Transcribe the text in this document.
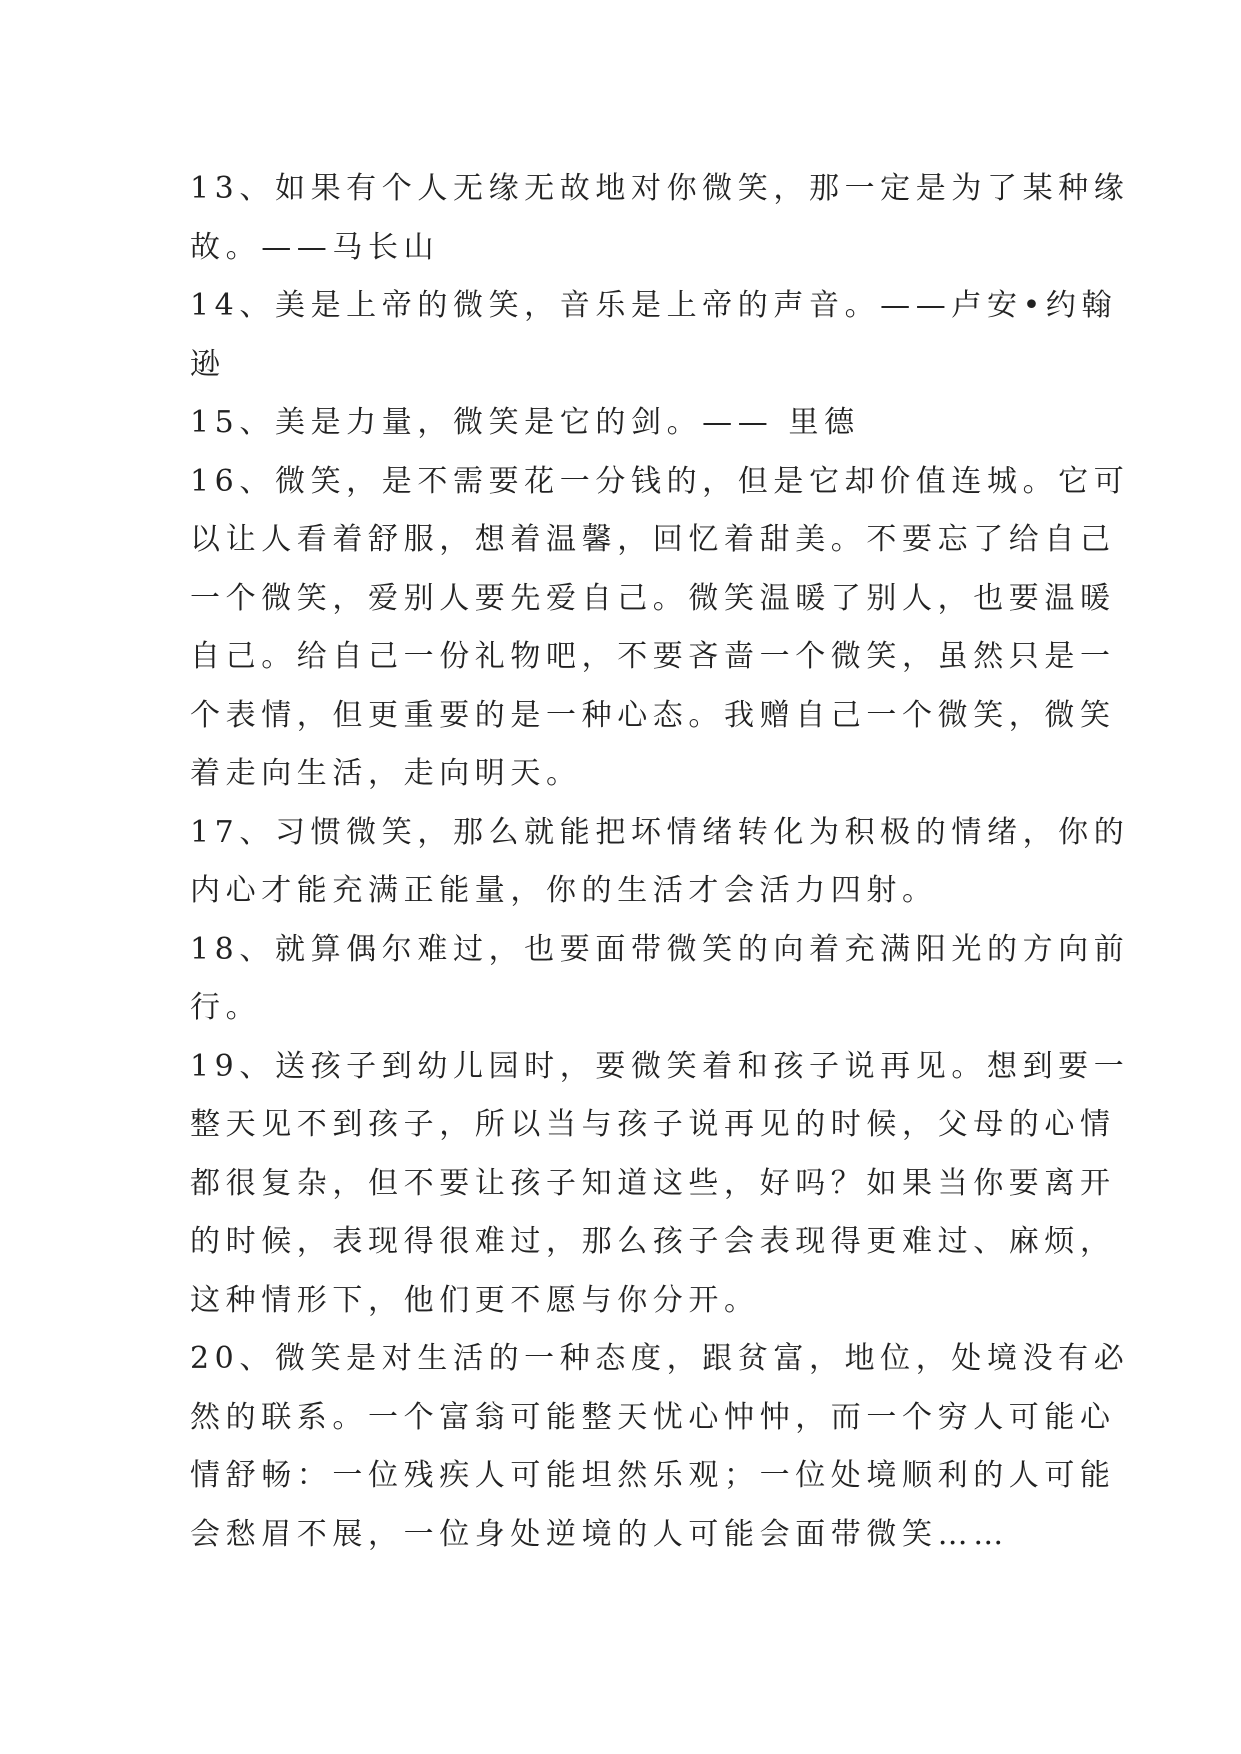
13、如果有个人无缘无故地对你微笑，那一定是为了某种缘
故。——马长山
14、美是上帝的微笑，音乐是上帝的声音。——卢安•约翰
逊
15、美是力量，微笑是它的剑。—— 里德
16、微笑，是不需要花一分钱的，但是它却价值连城。它可
以让人看着舒服，想着温馨，回忆着甜美。不要忘了给自己
一个微笑，爱别人要先爱自己。微笑温暖了别人，也要温暖
自己。给自己一份礼物吧，不要吝啬一个微笑，虽然只是一
个表情，但更重要的是一种心态。我赠自己一个微笑，微笑
着走向生活，走向明天。
17、习惯微笑，那么就能把坏情绪转化为积极的情绪，你的
内心才能充满正能量，你的生活才会活力四射。
18、就算偶尔难过，也要面带微笑的向着充满阳光的方向前
行。
19、送孩子到幼儿园时，要微笑着和孩子说再见。想到要一
整天见不到孩子，所以当与孩子说再见的时候，父母的心情
都很复杂，但不要让孩子知道这些，好吗？如果当你要离开
的时候，表现得很难过，那么孩子会表现得更难过、麻烦，
这种情形下，他们更不愿与你分开。
20、微笑是对生活的一种态度，跟贫富，地位，处境没有必
然的联系。一个富翁可能整天忧心忡忡，而一个穷人可能心
情舒畅：一位残疾人可能坦然乐观；一位处境顺利的人可能
会愁眉不展，一位身处逆境的人可能会面带微笑……
